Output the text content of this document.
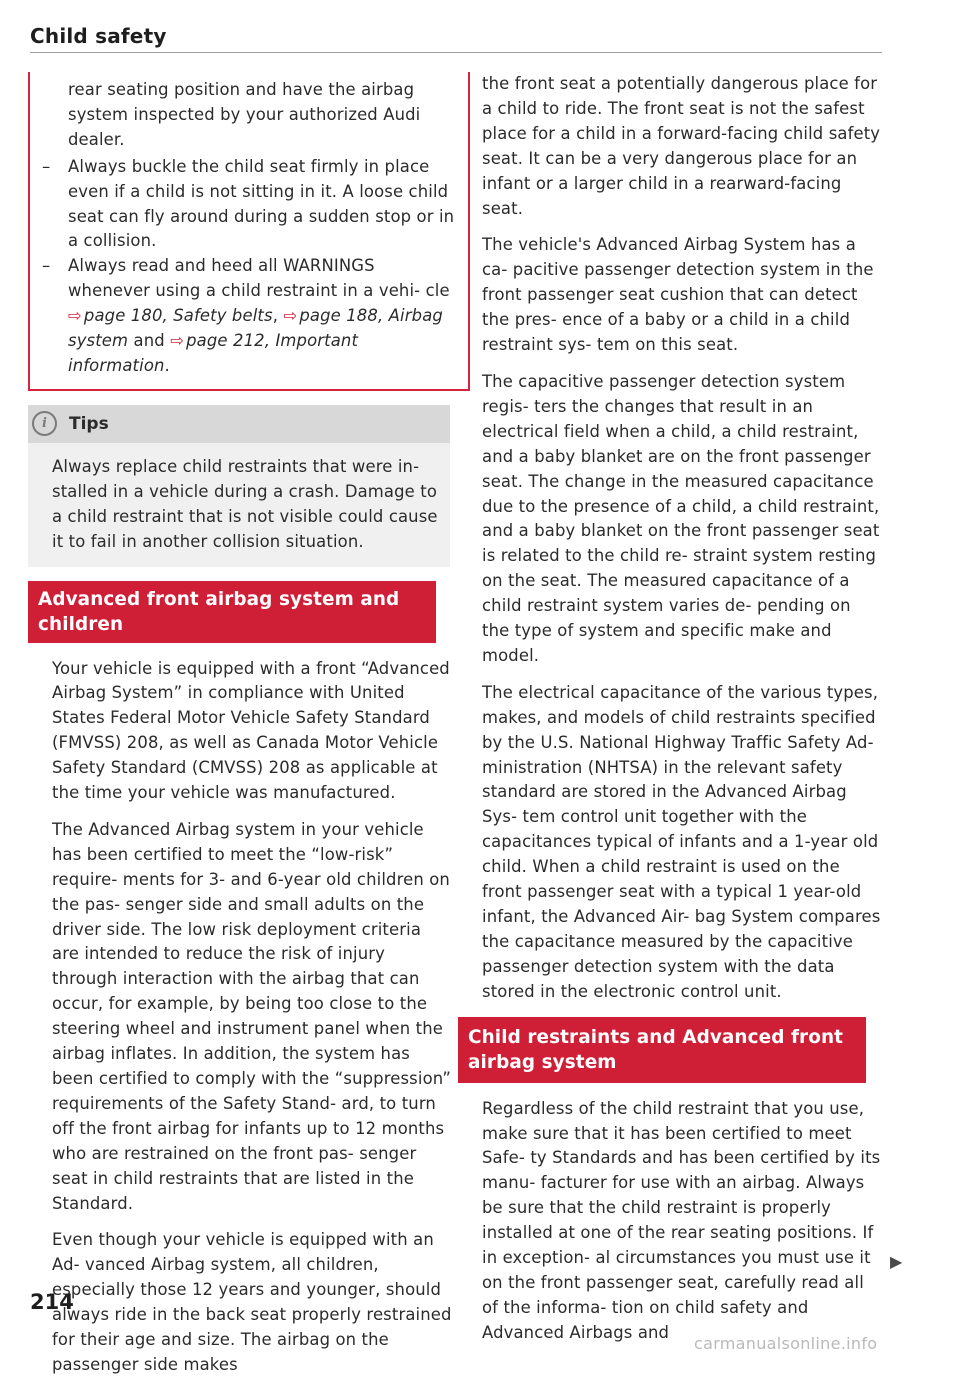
Child safety
rear seating position and have the airbag system inspected by your authorized Audi dealer.
– Always buckle the child seat firmly in place even if a child is not sitting in it. A loose child seat can fly around during a sudden stop or in a collision.
– Always read and heed all WARNINGS whenever using a child restraint in a vehi- cle ⇨ page 180, Safety belts, ⇨ page 188, Airbag system and ⇨ page 212, Important information.
i	Tips

Always replace child restraints that were in- stalled in a vehicle during a crash. Damage to a child restraint that is not visible could cause it to fail in another collision situation.

Advanced front airbag system and children

Your vehicle is equipped with a front “Advanced Airbag System” in compliance with United States Federal Motor Vehicle Safety Standard (FMVSS) 208, as well as Canada Motor Vehicle Safety Standard (CMVSS) 208 as applicable at the time your vehicle was manufactured.

The Advanced Airbag system in your vehicle has been certified to meet the “low-risk” require- ments for 3- and 6-year old children on the pas- senger side and small adults on the driver side. The low risk deployment criteria are intended to reduce the risk of injury through interaction with the airbag that can occur, for example, by being too close to the steering wheel and instrument panel when the airbag inflates. In addition, the system has been certified to comply with the “suppression” requirements of the Safety Stand- ard, to turn off the front airbag for infants up to 12 months who are restrained on the front pas- senger seat in child restraints that are listed in the Standard.

Even though your vehicle is equipped with an Ad- vanced Airbag system, all children, especially those 12 years and younger, should always ride in the back seat properly restrained for their age and size. The airbag on the passenger side makes

the front seat a potentially dangerous place for a child to ride. The front seat is not the safest place for a child in a forward-facing child safety seat. It can be a very dangerous place for an infant or a larger child in a rearward-facing seat.

The vehicle's Advanced Airbag System has a ca- pacitive passenger detection system in the front passenger seat cushion that can detect the pres- ence of a baby or a child in a child restraint sys- tem on this seat.

The capacitive passenger detection system regis- ters the changes that result in an electrical field when a child, a child restraint, and a baby blanket are on the front passenger seat. The change in the measured capacitance due to the presence of a child, a child restraint, and a baby blanket on the front passenger seat is related to the child re- straint system resting on the seat. The measured capacitance of a child restraint system varies de- pending on the type of system and specific make and model.

The electrical capacitance of the various types, makes, and models of child restraints specified by the U.S. National Highway Traffic Safety Ad- ministration (NHTSA) in the relevant safety standard are stored in the Advanced Airbag Sys- tem control unit together with the capacitances typical of infants and a 1-year old child. When a child restraint is used on the front passenger seat with a typical 1 year-old infant, the Advanced Air- bag System compares the capacitance measured by the capacitive passenger detection system with the data stored in the electronic control unit.

Child restraints and Advanced front airbag system

Regardless of the child restraint that you use, make sure that it has been certified to meet Safe- ty Standards and has been certified by its manu- facturer for use with an airbag. Always be sure that the child restraint is properly installed at one of the rear seating positions. If in exception- al circumstances you must use it on the front passenger seat, carefully read all of the informa- tion on child safety and Advanced Airbags and

▶
214
carmanualsonline.info
